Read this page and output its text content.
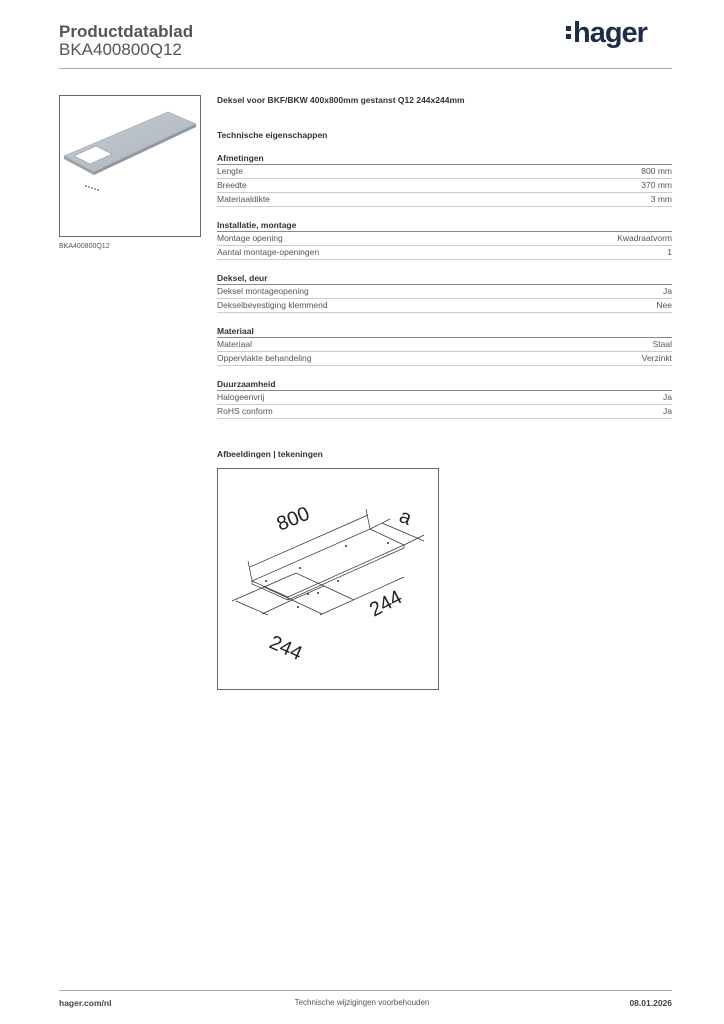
Productdatablad
BKA400800Q12
hager
BKA400800Q12
Deksel voor BKF/BKW 400x800mm gestanst Q12 244x244mm
Technische eigenschappen
Afmetingen
Lengte	800 mm
Breedte	370 mm
Materiaaldikte	3 mm
Installatie, montage
Montage opening	Kwadraatvorm
Aantal montage-openingen	1
Deksel, deur
Deksel montageopening	Ja
Dekselbevestiging klemmend	Nee
Materiaal
Materiaal	Staal
Oppervlakte behandeling	Verzinkt
Duurzaamheid
Halogeenvrij	Ja
RoHS conform	Ja
Afbeeldingen | tekeningen
800	a
244
244
hager.com/nl	Technische wijzigingen voorbehouden	08.01.2026
